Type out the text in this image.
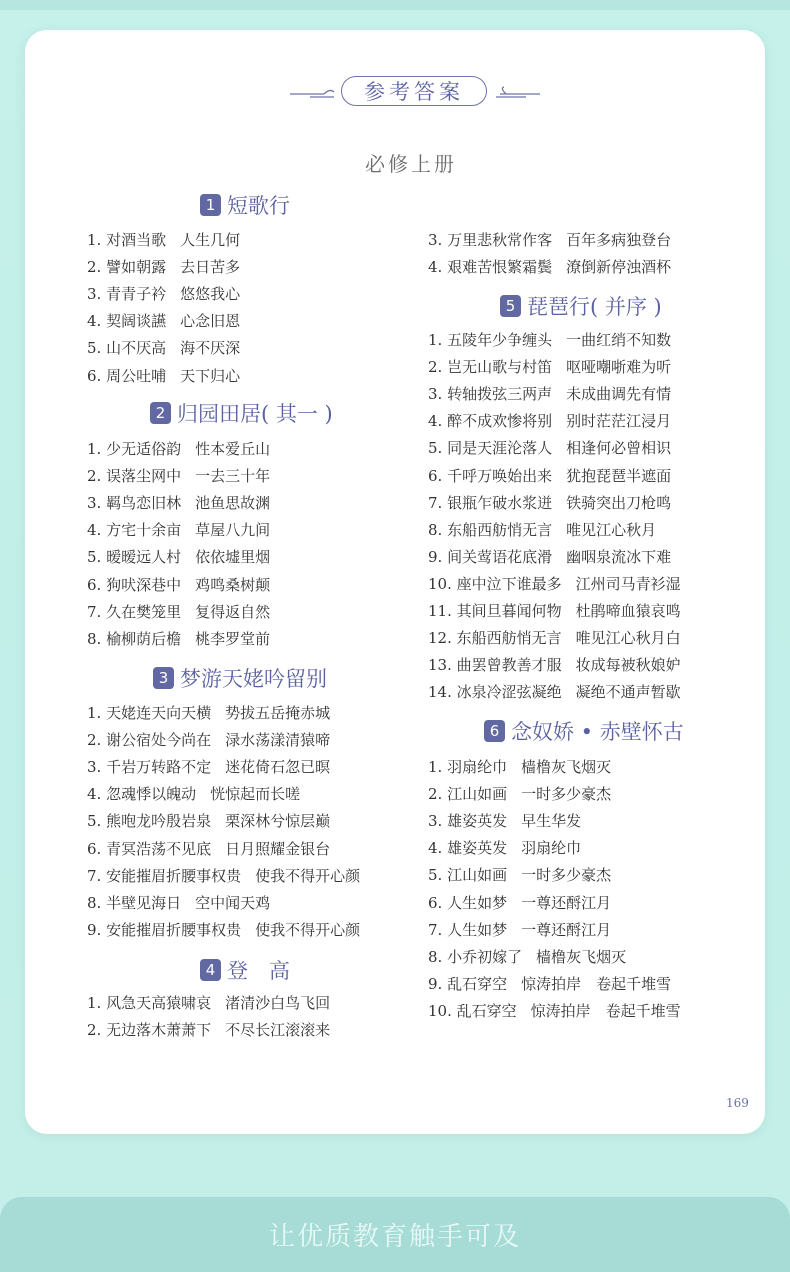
参考答案
必修上册
1 短歌行
1. 对酒当歌 人生几何
2. 譬如朝露 去日苦多
3. 青青子衿 悠悠我心
4. 契阔谈讌 心念旧恩
5. 山不厌高 海不厌深
6. 周公吐哺 天下归心
2 归园田居( 其一 )
1. 少无适俗韵 性本爱丘山
2. 误落尘网中 一去三十年
3. 羁鸟恋旧林 池鱼思故渊
4. 方宅十余亩 草屋八九间
5. 暧暧远人村 依依墟里烟
6. 狗吠深巷中 鸡鸣桑树颠
7. 久在樊笼里 复得返自然
8. 榆柳荫后檐 桃李罗堂前
3 梦游天姥吟留别
1. 天姥连天向天横 势拔五岳掩赤城
2. 谢公宿处今尚在 渌水荡漾清猿啼
3. 千岩万转路不定 迷花倚石忽已暝
4. 忽魂悸以魄动 恍惊起而长嗟
5. 熊咆龙吟殷岩泉 栗深林兮惊层巅
6. 青冥浩荡不见底 日月照耀金银台
7. 安能摧眉折腰事权贵 使我不得开心颜
8. 半壁见海日 空中闻天鸡
9. 安能摧眉折腰事权贵 使我不得开心颜
4 登　高
1. 风急天高猿啸哀 渚清沙白鸟飞回
2. 无边落木萧萧下 不尽长江滚滚来
3. 万里悲秋常作客 百年多病独登台
4. 艰难苦恨繁霜鬓 潦倒新停浊酒杯
5 琵琶行( 并序 )
1. 五陵年少争缠头 一曲红绡不知数
2. 岂无山歌与村笛 呕哑嘲哳难为听
3. 转轴拨弦三两声 未成曲调先有情
4. 醉不成欢惨将别 别时茫茫江浸月
5. 同是天涯沦落人 相逢何必曾相识
6. 千呼万唤始出来 犹抱琵琶半遮面
7. 银瓶乍破水浆迸 铁骑突出刀枪鸣
8. 东船西舫悄无言 唯见江心秋月
9. 间关莺语花底滑 幽咽泉流冰下难
10. 座中泣下谁最多 江州司马青衫湿
11. 其间旦暮闻何物 杜鹃啼血猿哀鸣
12. 东船西舫悄无言 唯见江心秋月白
13. 曲罢曾教善才服 妆成每被秋娘妒
14. 冰泉冷涩弦凝绝 凝绝不通声暂歇
6 念奴娇 • 赤壁怀古
1. 羽扇纶巾 樯橹灰飞烟灭
2. 江山如画 一时多少豪杰
3. 雄姿英发 早生华发
4. 雄姿英发 羽扇纶巾
5. 江山如画 一时多少豪杰
6. 人生如梦 一尊还酹江月
7. 人生如梦 一尊还酹江月
8. 小乔初嫁了 樯橹灰飞烟灭
9. 乱石穿空 惊涛拍岸　卷起千堆雪
10. 乱石穿空 惊涛拍岸　卷起千堆雪
169
让优质教育触手可及
